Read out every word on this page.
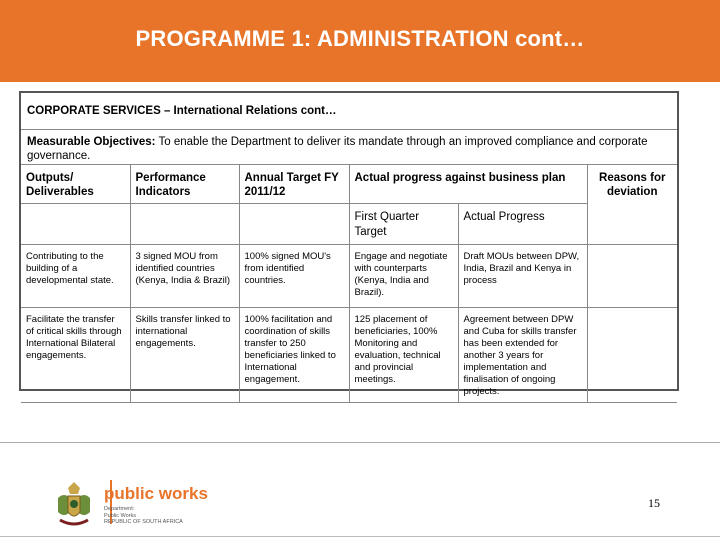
PROGRAMME 1: ADMINISTRATION cont…
CORPORATE SERVICES – International Relations cont…
Measurable Objectives: To enable the Department to deliver its mandate through an improved compliance and corporate governance.
Outputs/ Deliverables	Performance Indicators	Annual Target FY 2011/12	Actual progress against business plan		Reasons for deviation
			First Quarter Target	Actual Progress	
Contributing to the building of a developmental state.	3 signed MOU from identified countries (Kenya, India & Brazil)	100% signed MOU's from identified countries.	Engage and negotiate with counterparts (Kenya, India and Brazil).	Draft MOUs between DPW, India, Brazil and Kenya in process	
Facilitate the transfer of critical skills through International Bilateral engagements.	Skills transfer linked to international engagements.	100% facilitation and coordination of skills transfer to 250 beneficiaries linked to International engagement.	125 placement of beneficiaries, 100% Monitoring and evaluation, technical and provincial meetings.	Agreement between DPW and Cuba for skills transfer has been extended for another 3 years for implementation and finalisation of ongoing projects.	
public works
Department:
Public Works
REPUBLIC OF SOUTH AFRICA
15
